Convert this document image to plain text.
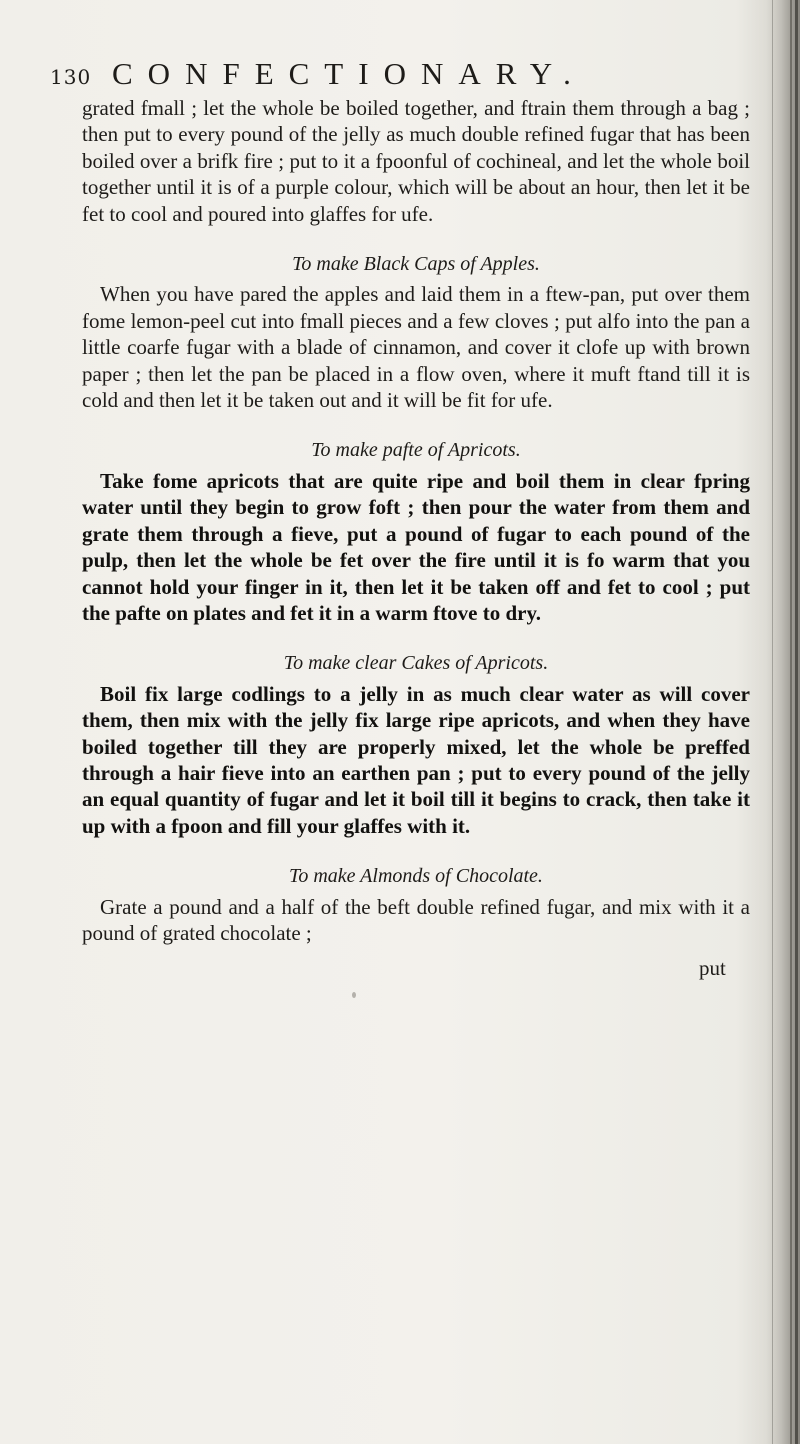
130 CONFECTIONARY.

grated fmall ; let the whole be boiled together, and ftrain them through a bag ; then put to every pound of the jelly as much double refined fugar that has been boiled over a brifk fire ; put to it a fpoonful of cochineal, and let the whole boil together until it is of a purple colour, which will be about an hour, then let it be fet to cool and poured into glaffes for ufe.

To make Black Caps of Apples.

When you have pared the apples and laid them in a ftew-pan, put over them fome lemon-peel cut into fmall pieces and a few cloves ; put alfo into the pan a little coarfe fugar with a blade of cinnamon, and cover it clofe up with brown paper ; then let the pan be placed in a flow oven, where it muft ftand till it is cold and then let it be taken out and it will be fit for ufe.

To make pafte of Apricots.

Take fome apricots that are quite ripe and boil them in clear fpring water until they begin to grow foft ; then pour the water from them and grate them through a fieve, put a pound of fugar to each pound of the pulp, then let the whole be fet over the fire until it is fo warm that you cannot hold your finger in it, then let it be taken off and fet to cool ; put the pafte on plates and fet it in a warm ftove to dry.

To make clear Cakes of Apricots.

Boil fix large codlings to a jelly in as much clear water as will cover them, then mix with the jelly fix large ripe apricots, and when they have boiled together till they are properly mixed, let the whole be preffed through a hair fieve into an earthen pan ; put to every pound of the jelly an equal quantity of fugar and let it boil till it begins to crack, then take it up with a fpoon and fill your glaffes with it.

To make Almonds of Chocolate.

Grate a pound and a half of the beft double refined fugar, and mix with it a pound of grated chocolate ;

put
